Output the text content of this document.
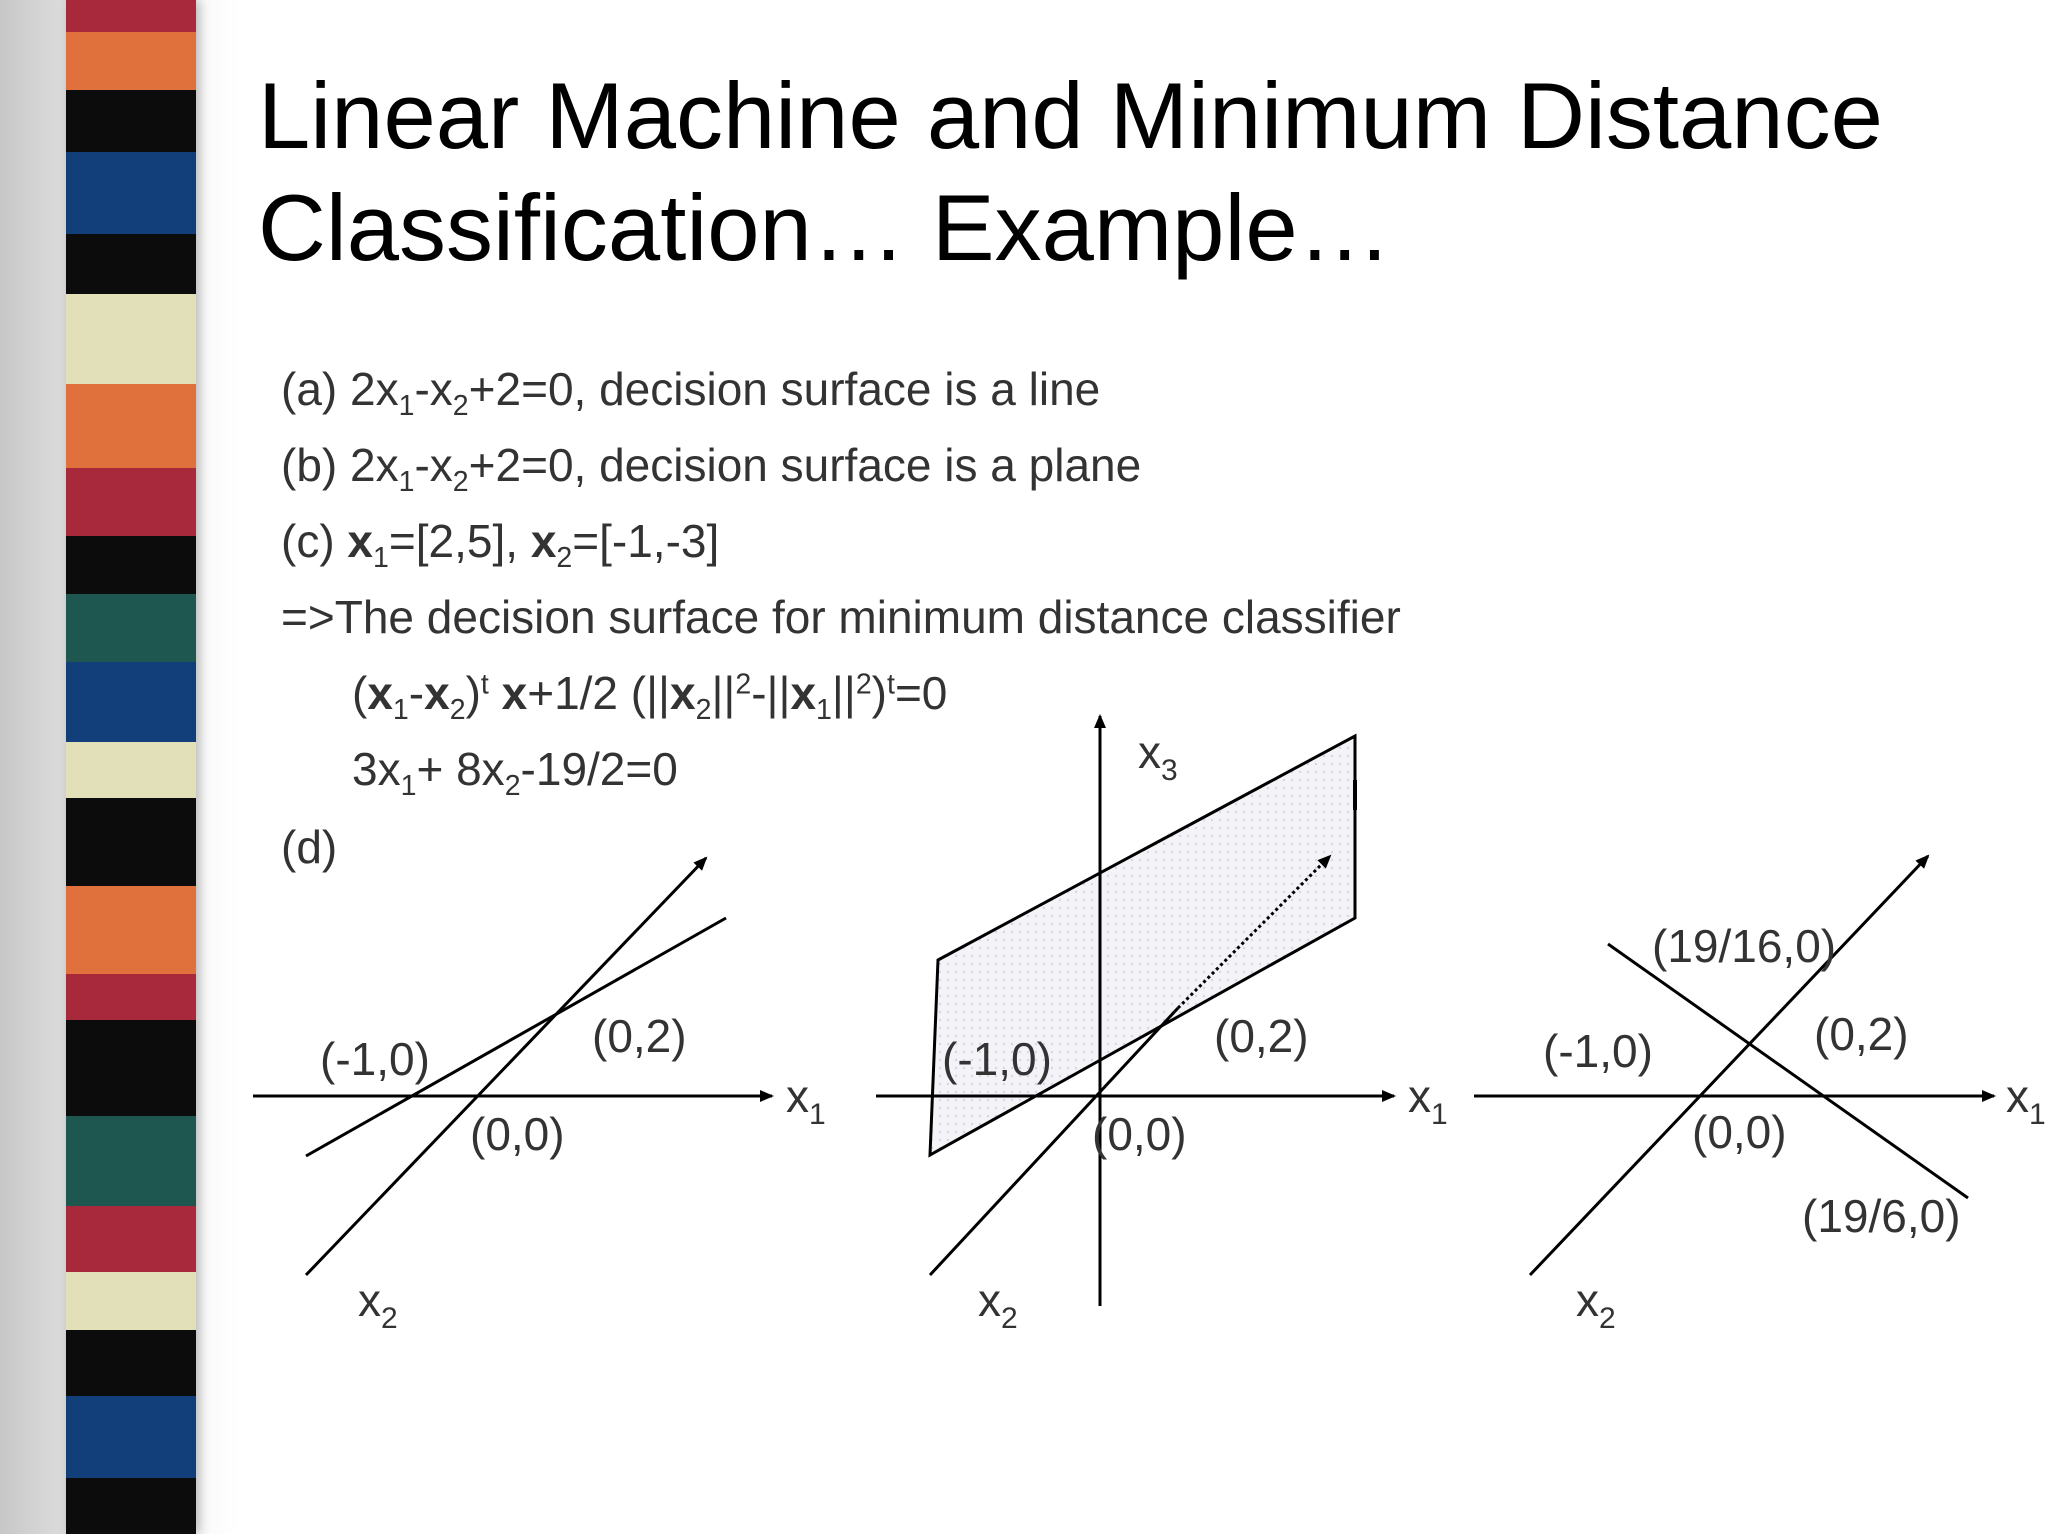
Linear Machine and Minimum Distance
Classification… Example…
(a) $2x_1-x_2+2=0$, decision surface is a line
(b) $2x_1-x_2+2=0$, decision surface is a plane
(c) $x_1=[2,5]$, $x_2=[-1,-3]$
=>The decision surface for minimum distance classifier
$(x_1-x_2)^t$ x+1/2 $(||x_2||^2-||x_1||^2)^t=0$
$3x_1+ 8x_2-19/2=0$
(d)
(-1,0)	(0,2)
(0,0)
$x_1$
$x_2$
(-1,0)	(0,2)
(0,0)
$x_1$
$x_3$
$x_2$
(19/16,0)
(-1,0)	(0,2)
(0,0)
(19/6,0)
$x_1$
$x_2$
